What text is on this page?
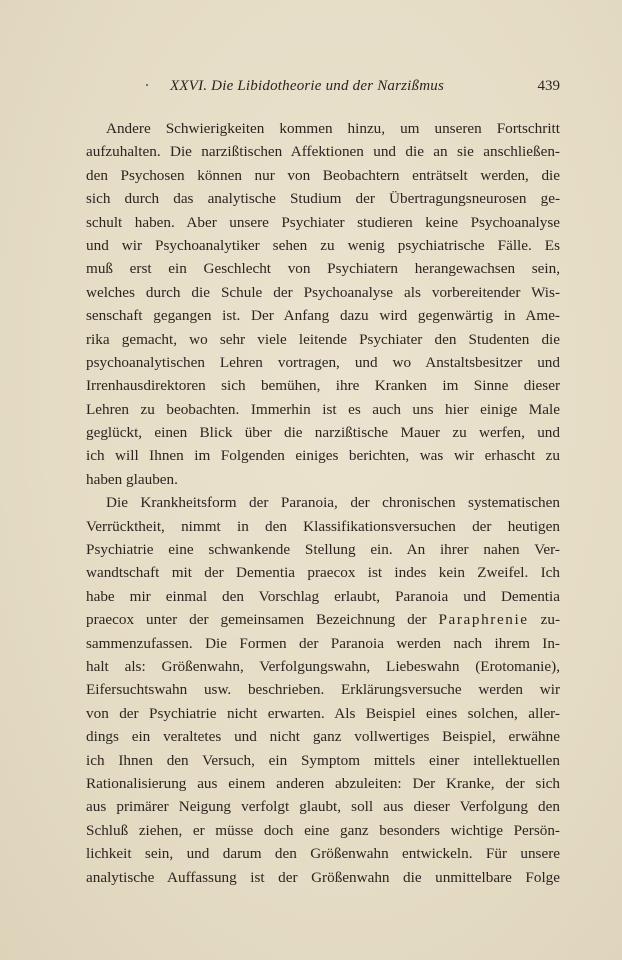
XXVI. Die Libidotheorie und der Narzißmus	439
Andere Schwierigkeiten kommen hinzu, um unseren Fortschritt
aufzuhalten. Die narzißtischen Affektionen und die an sie anschließen-
den Psychosen können nur von Beobachtern enträtselt werden, die
sich durch das analytische Studium der Übertragungsneurosen ge-
schult haben. Aber unsere Psychiater studieren keine Psychoanalyse
und wir Psychoanalytiker sehen zu wenig psychiatrische Fälle. Es
muß erst ein Geschlecht von Psychiatern herangewachsen sein,
welches durch die Schule der Psychoanalyse als vorbereitender Wis-
senschaft gegangen ist. Der Anfang dazu wird gegenwärtig in Ame-
rika gemacht, wo sehr viele leitende Psychiater den Studenten die
psychoanalytischen Lehren vortragen, und wo Anstaltsbesitzer und
Irrenhausdirektoren sich bemühen, ihre Kranken im Sinne dieser
Lehren zu beobachten. Immerhin ist es auch uns hier einige Male
geglückt, einen Blick über die narzißtische Mauer zu werfen, und
ich will Ihnen im Folgenden einiges berichten, was wir erhascht zu
haben glauben.
Die Krankheitsform der Paranoia, der chronischen systematischen
Verrücktheit, nimmt in den Klassifikationsversuchen der heutigen
Psychiatrie eine schwankende Stellung ein. An ihrer nahen Ver-
wandtschaft mit der Dementia praecox ist indes kein Zweifel. Ich
habe mir einmal den Vorschlag erlaubt, Paranoia und Dementia
praecox unter der gemeinsamen Bezeichnung der Paraphrenie zu-
sammenzufassen. Die Formen der Paranoia werden nach ihrem In-
halt als: Größenwahn, Verfolgungswahn, Liebeswahn (Erotomanie),
Eifersuchtswahn usw. beschrieben. Erklärungsversuche werden wir
von der Psychiatrie nicht erwarten. Als Beispiel eines solchen, aller-
dings ein veraltetes und nicht ganz vollwertiges Beispiel, erwähne
ich Ihnen den Versuch, ein Symptom mittels einer intellektuellen
Rationalisierung aus einem anderen abzuleiten: Der Kranke, der sich
aus primärer Neigung verfolgt glaubt, soll aus dieser Verfolgung den
Schluß ziehen, er müsse doch eine ganz besonders wichtige Persön-
lichkeit sein, und darum den Größenwahn entwickeln. Für unsere
analytische Auffassung ist der Größenwahn die unmittelbare Folge
